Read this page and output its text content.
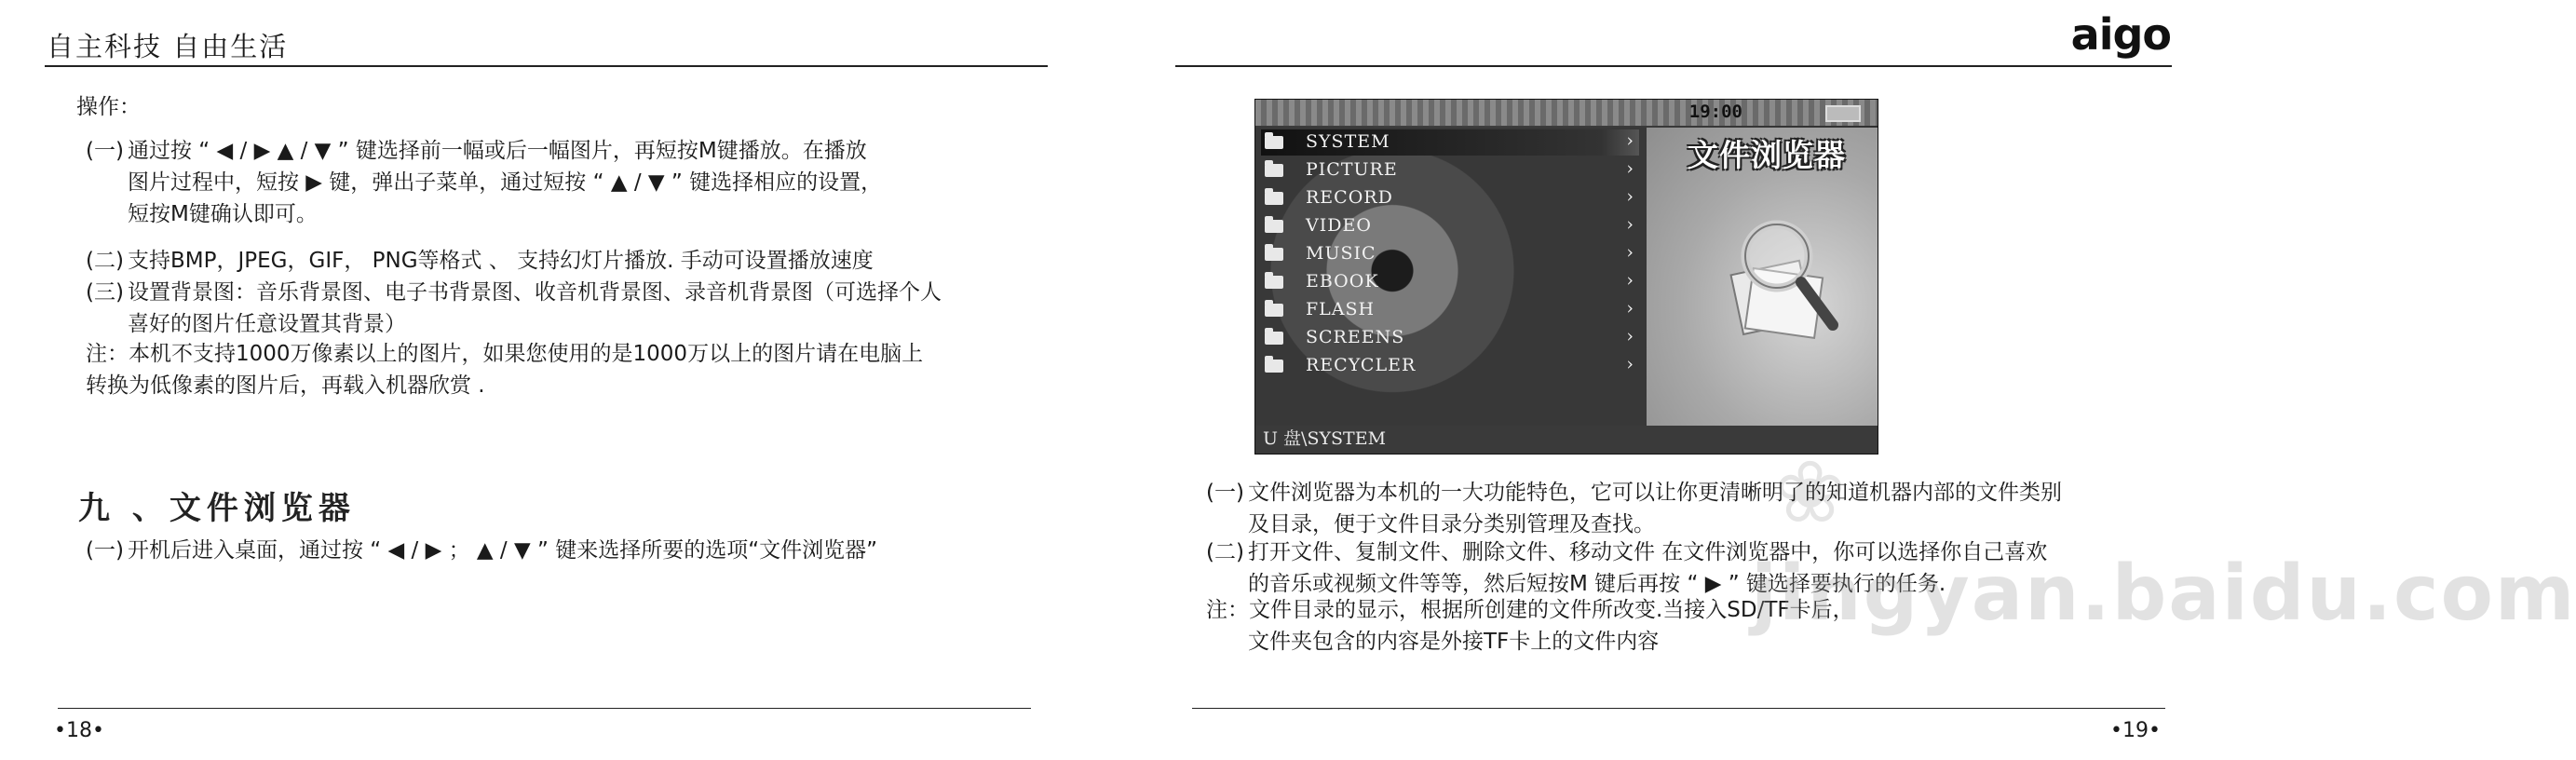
自主科技 自由生活
操作：
(一) 通过按 “ ◀ / ▶ ▲ / ▼ ” 键选择前一幅或后一幅图片，再短按M键播放。在播放
图片过程中，短按 ▶ 键，弹出子菜单，通过短按 “ ▲ / ▼ ” 键选择相应的设置，
短按M键确认即可。
(二) 支持BMP，JPEG，GIF， PNG等格式 、 支持幻灯片播放. 手动可设置播放速度
(三) 设置背景图：音乐背景图、电子书背景图、收音机背景图、录音机背景图（可选择个人
喜好的图片任意设置其背景）
注：本机不支持1000万像素以上的图片，如果您使用的是1000万以上的图片请在电脑上
转换为低像素的图片后，再载入机器欣赏 .
九 、文件浏览器
(一) 开机后进入桌面，通过按 “ ◀ / ▶ ； ▲ / ▼ ” 键来选择所要的选项“文件浏览器”
•18•
aigo
19:00
文件浏览器
SYSTEM	›
PICTURE	›
RECORD	›
VIDEO	›
MUSIC	›
EBOOK	›
FLASH	›
SCREENS	›
RECYCLER	›
U 盘\SYSTEM
❀
(一) 文件浏览器为本机的一大功能特色，它可以让你更清晰明了的知道机器内部的文件类别
及目录，便于文件目录分类别管理及查找。
(二) 打开文件、复制文件、删除文件、移动文件 在文件浏览器中，你可以选择你自己喜欢
的音乐或视频文件等等，然后短按M 键后再按 “ ▶ ” 键选择要执行的任务.
注：文件目录的显示，根据所创建的文件所改变.当接入SD/TF卡后，
文件夹包含的内容是外接TF卡上的文件内容
jingyan.baidu.com
•19•
